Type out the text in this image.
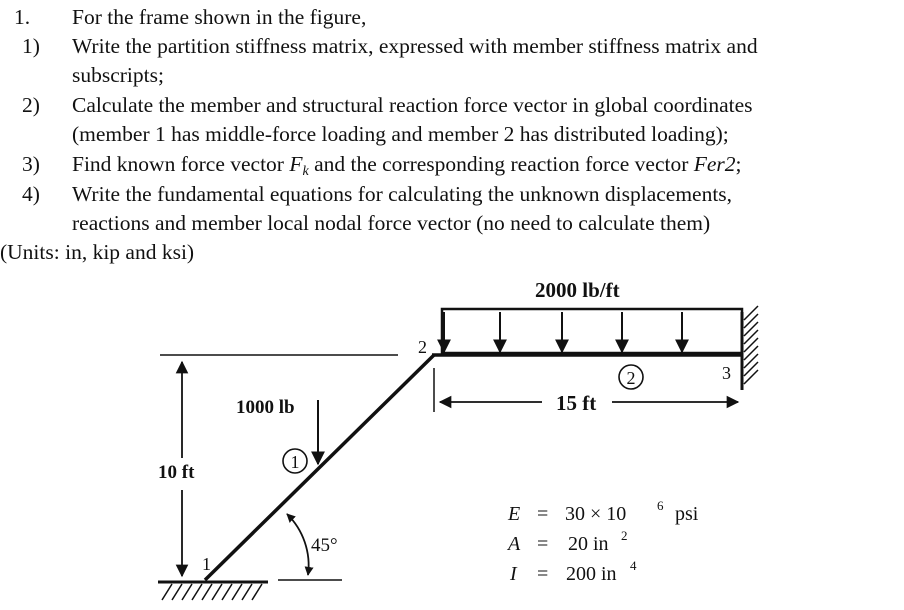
1. For the frame shown in the figure,
1) Write the partition stiffness matrix, expressed with member stiffness matrix and
subscripts;
2) Calculate the member and structural reaction force vector in global coordinates
(member 1 has middle-force loading and member 2 has distributed loading);
3) Find known force vector $F_k$ and the corresponding reaction force vector Fer2;
4) Write the fundamental equations for calculating the unknown displacements,
reactions and member local nodal force vector (no need to calculate them)
(Units: in, kip and ksi)
2000 lb/ft
10 ft
15 ft
1000 lb
45°
1
2
1
2
3
E = 30 × 10 6 psi
A = 20 in 2
I = 200 in 4
